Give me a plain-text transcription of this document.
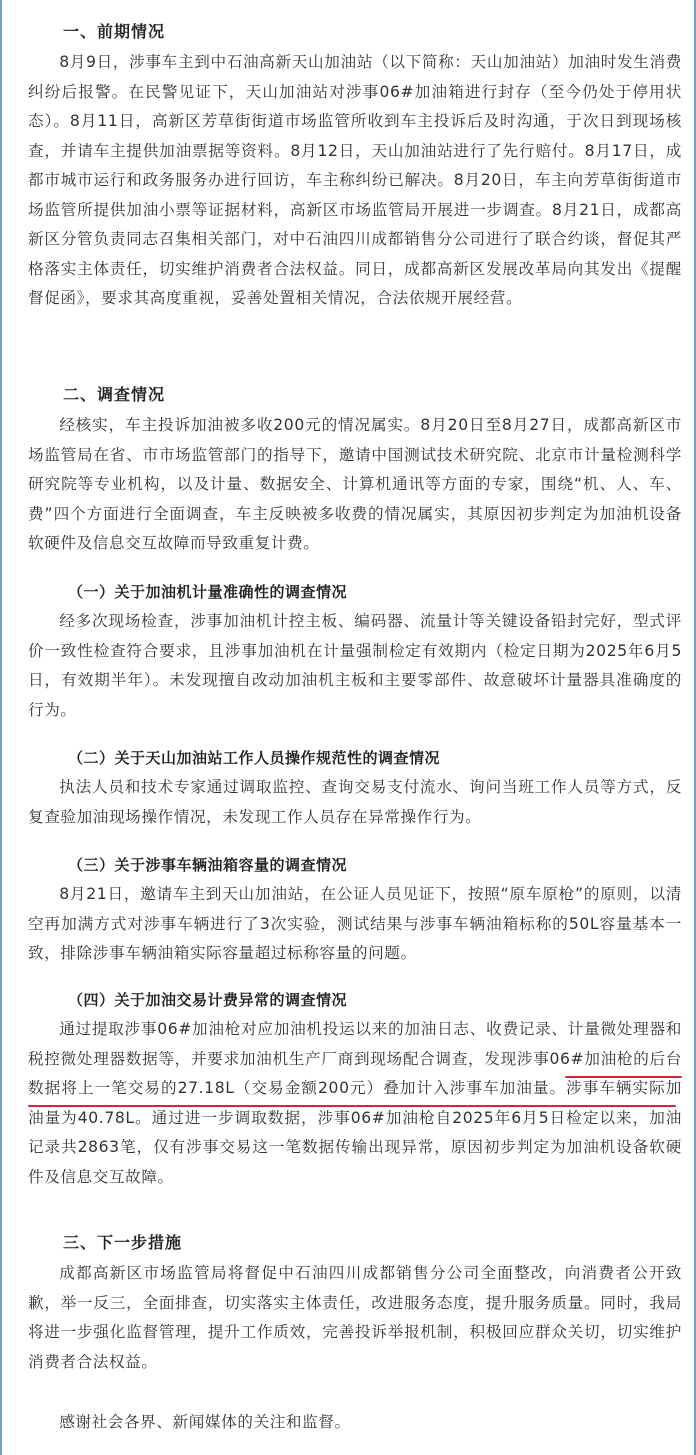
一、前期情况

8月9日，涉事车主到中石油高新天山加油站（以下简称：天山加油站）加油时发生消费纠纷后报警。在民警见证下，天山加油站对涉事06#加油箱进行封存（至今仍处于停用状态）。8月11日，高新区芳草街街道市场监管所收到车主投诉后及时沟通，于次日到现场核查，并请车主提供加油票据等资料。8月12日，天山加油站进行了先行赔付。8月17日，成都市城市运行和政务服务办进行回访，车主称纠纷已解决。8月20日，车主向芳草街街道市场监管所提供加油小票等证据材料，高新区市场监管局开展进一步调查。8月21日，成都高新区分管负责同志召集相关部门，对中石油四川成都销售分公司进行了联合约谈，督促其严格落实主体责任，切实维护消费者合法权益。同日，成都高新区发展改革局向其发出《提醒督促函》，要求其高度重视，妥善处置相关情况，合法依规开展经营。

二、调查情况

经核实，车主投诉加油被多收200元的情况属实。8月20日至8月27日，成都高新区市场监管局在省、市市场监管部门的指导下，邀请中国测试技术研究院、北京市计量检测科学研究院等专业机构，以及计量、数据安全、计算机通讯等方面的专家，围绕“机、人、车、费”四个方面进行全面调查，车主反映被多收费的情况属实，其原因初步判定为加油机设备软硬件及信息交互故障而导致重复计费。

（一）关于加油机计量准确性的调查情况

经多次现场检查，涉事加油机计控主板、编码器、流量计等关键设备铅封完好，型式评价一致性检查符合要求，且涉事加油机在计量强制检定有效期内（检定日期为2025年6月5日，有效期半年）。未发现擅自改动加油机主板和主要零部件、故意破坏计量器具准确度的行为。

（二）关于天山加油站工作人员操作规范性的调查情况

执法人员和技术专家通过调取监控、查询交易支付流水、询问当班工作人员等方式，反复查验加油现场操作情况，未发现工作人员存在异常操作行为。

（三）关于涉事车辆油箱容量的调查情况

8月21日，邀请车主到天山加油站，在公证人员见证下，按照“原车原枪”的原则，以清空再加满方式对涉事车辆进行了3次实验，测试结果与涉事车辆油箱标称的50L容量基本一致，排除涉事车辆油箱实际容量超过标称容量的问题。

（四）关于加油交易计费异常的调查情况

通过提取涉事06#加油枪对应加油机投运以来的加油日志、收费记录、计量微处理器和税控微处理器数据等，并要求加油机生产厂商到现场配合调查，发现涉事06#加油枪的后台数据将上一笔交易的27.18L（交易金额200元）叠加计入涉事车加油量。涉事车辆实际加油量为40.78L。通过进一步调取数据，涉事06#加油枪自2025年6月5日检定以来，加油记录共2863笔，仅有涉事交易这一笔数据传输出现异常，原因初步判定为加油机设备软硬件及信息交互故障。

三、下一步措施

成都高新区市场监管局将督促中石油四川成都销售分公司全面整改，向消费者公开致歉，举一反三，全面排查，切实落实主体责任，改进服务态度，提升服务质量。同时，我局将进一步强化监督管理，提升工作质效，完善投诉举报机制，积极回应群众关切，切实维护消费者合法权益。

感谢社会各界、新闻媒体的关注和监督。
